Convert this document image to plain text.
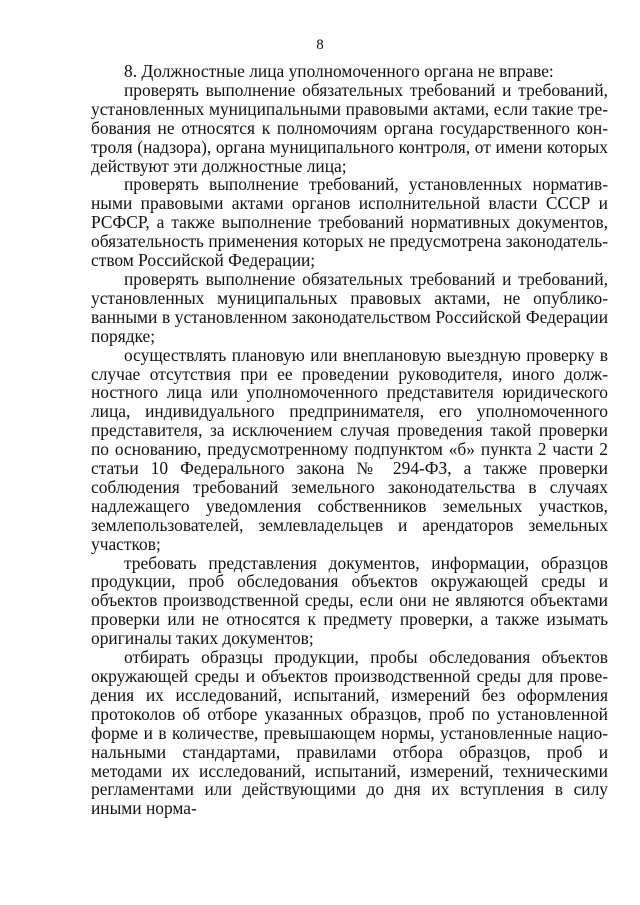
8

8. Должностные лица уполномоченного органа не вправе:

проверять выполнение обязательных требований и требований, установленных муниципальными правовыми актами, если такие требования не относятся к полномочиям органа государственного контроля (надзора), органа муниципального контроля, от имени которых действуют эти должностные лица;

проверять выполнение требований, установленных нормативными правовыми актами органов исполнительной власти СССР и РСФСР, а также выполнение требований нормативных документов, обязательность применения которых не предусмотрена законодательством Российской Федерации;

проверять выполнение обязательных требований и требований, установленных муниципальных правовых актами, не опубликованными в установленном законодательством Российской Федерации порядке;

осуществлять плановую или внеплановую выездную проверку в случае отсутствия при ее проведении руководителя, иного должностного лица или уполномоченного представителя юридического лица, индивидуального предпринимателя, его уполномоченного представителя, за исключением случая проведения такой проверки по основанию, предусмотренному подпунктом «б» пункта 2 части 2 статьи 10 Федерального закона № 294-ФЗ, а также проверки соблюдения требований земельного законодательства в случаях надлежащего уведомления собственников земельных участков, землепользователей, землевладельцев и арендаторов земельных участков;

требовать представления документов, информации, образцов продукции, проб обследования объектов окружающей среды и объектов производственной среды, если они не являются объектами проверки или не относятся к предмету проверки, а также изымать оригиналы таких документов;

отбирать образцы продукции, пробы обследования объектов окружающей среды и объектов производственной среды для проведения их исследований, испытаний, измерений без оформления протоколов об отборе указанных образцов, проб по установленной форме и в количестве, превышающем нормы, установленные национальными стандартами, правилами отбора образцов, проб и методами их исследований, испытаний, измерений, техническими регламентами или действующими до дня их вступления в силу иными норма-
